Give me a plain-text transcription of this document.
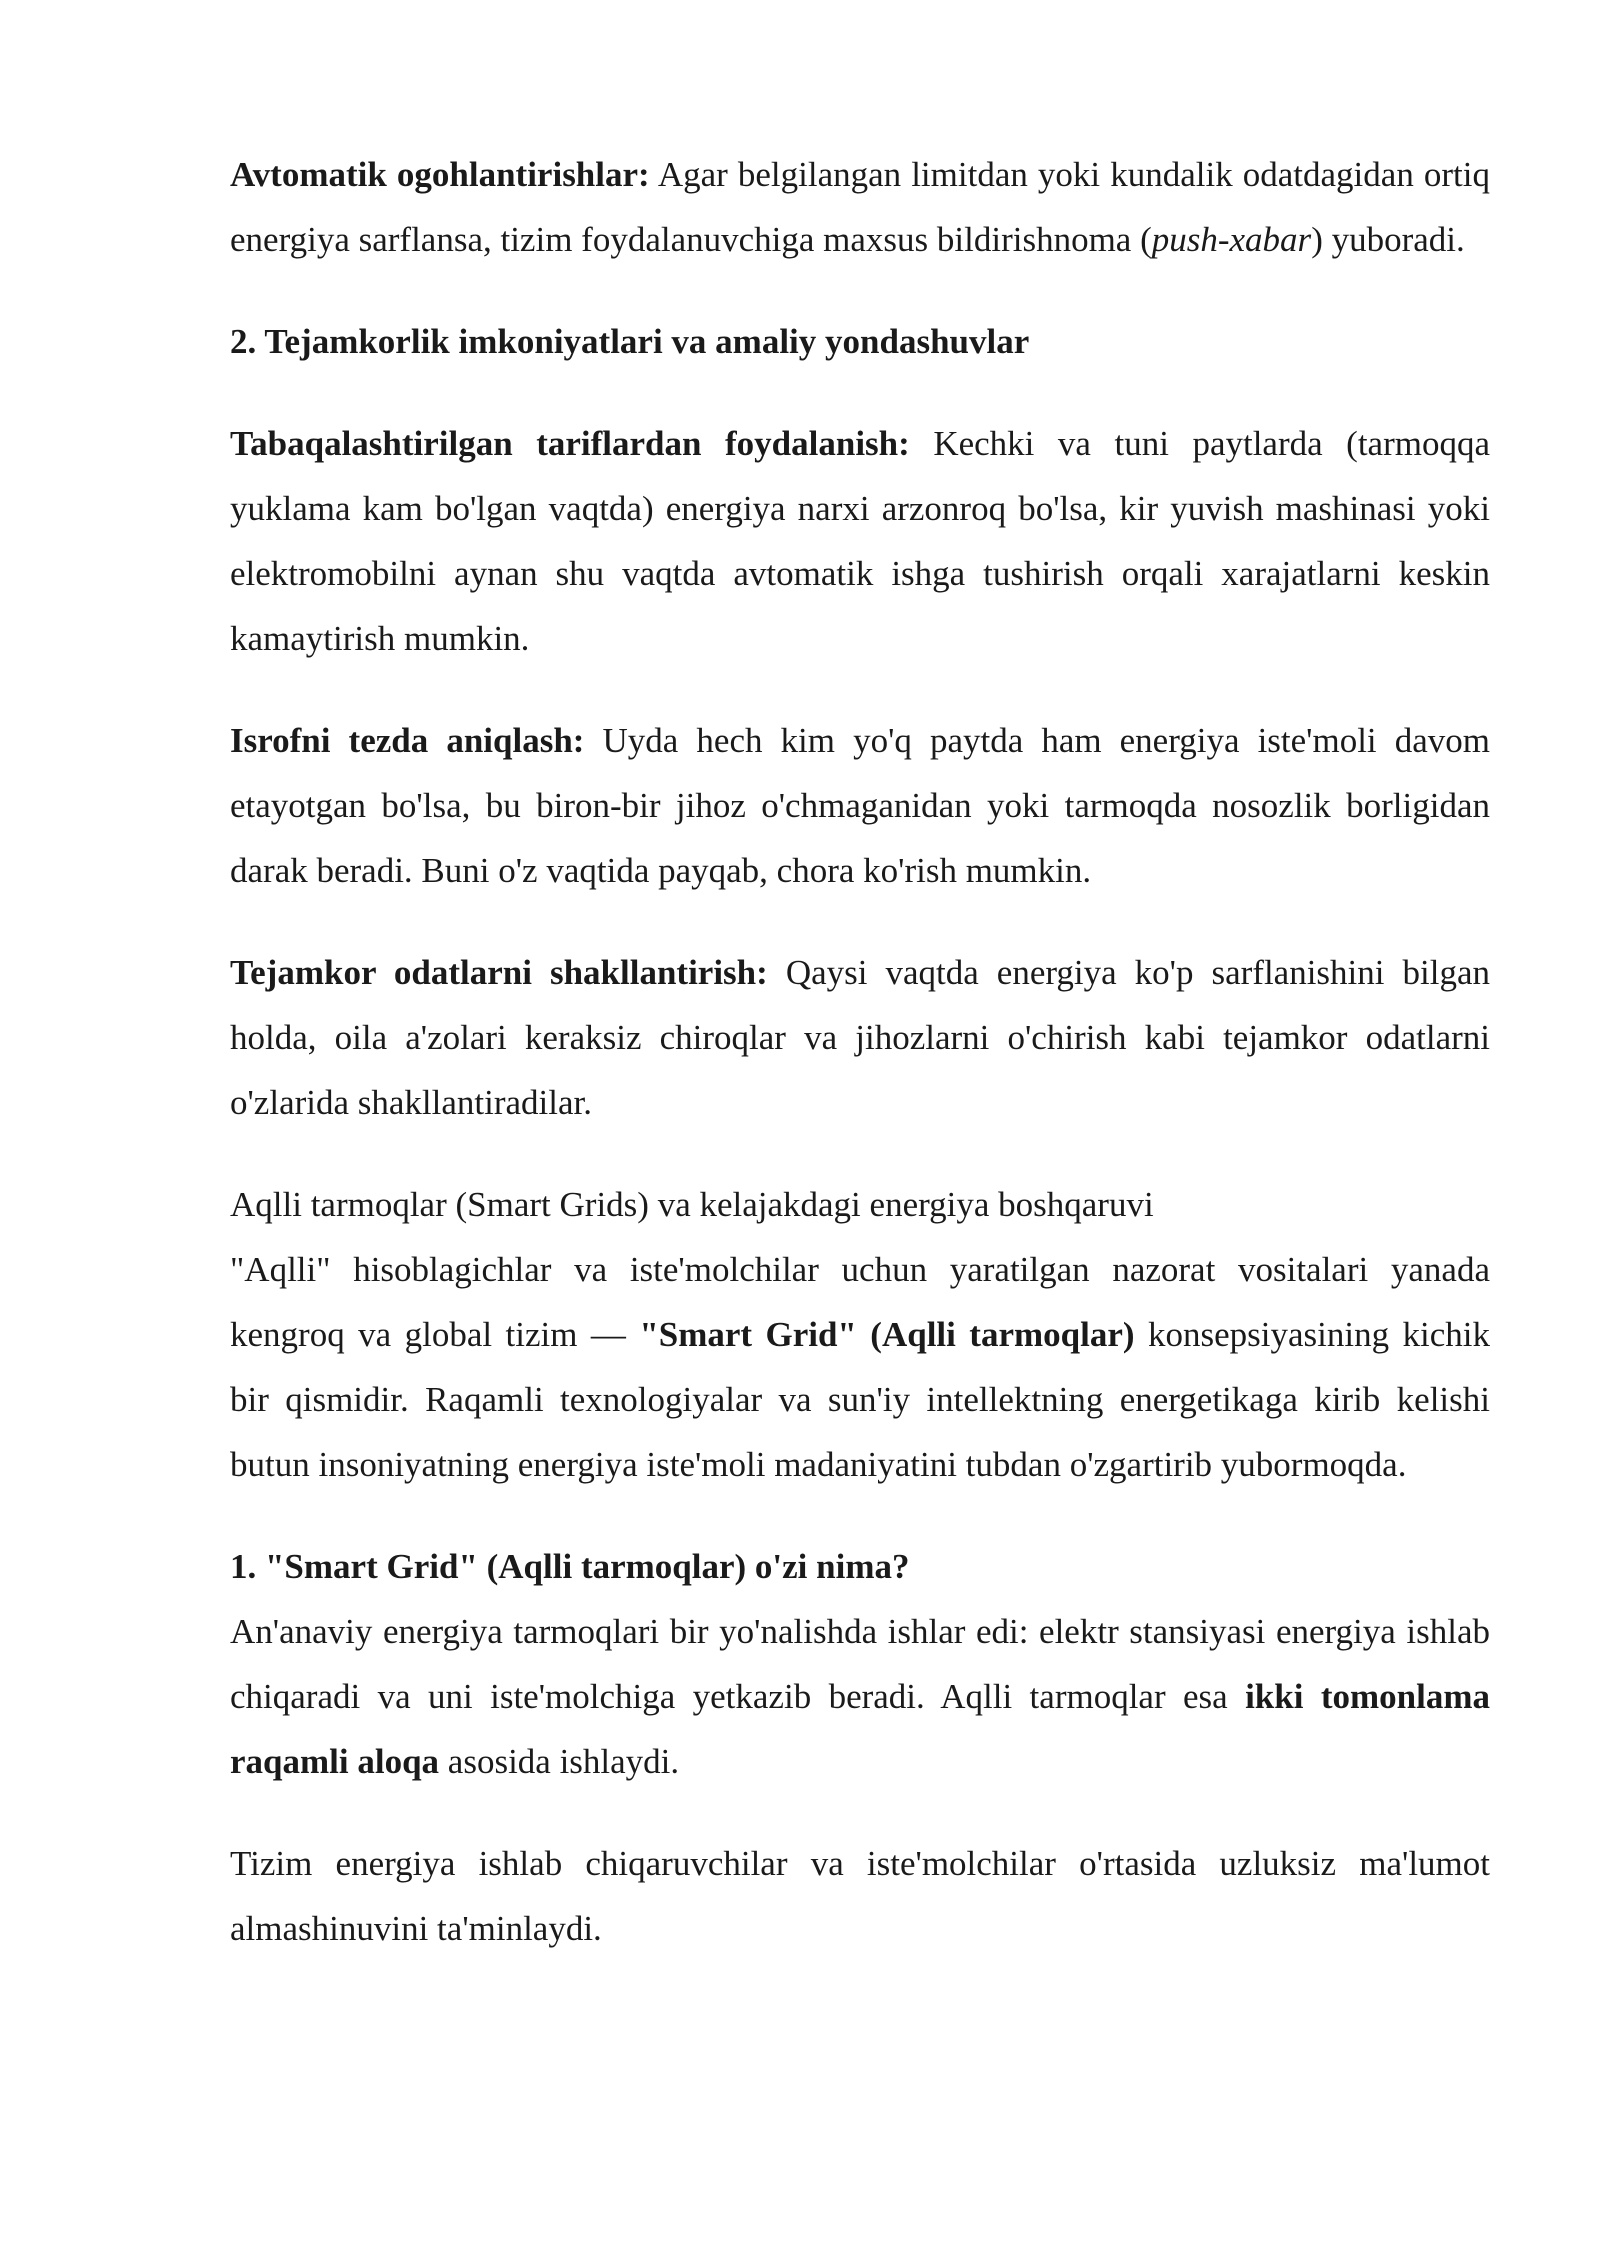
Avtomatik ogohlantirishlar: Agar belgilangan limitdan yoki kundalik odatdagidan ortiq energiya sarflansa, tizim foydalanuvchiga maxsus bildirishnoma (push-xabar) yuboradi.

2. Tejamkorlik imkoniyatlari va amaliy yondashuvlar

Tabaqalashtirilgan tariflardan foydalanish: Kechki va tuni paytlarda (tarmoqqa yuklama kam bo'lgan vaqtda) energiya narxi arzonroq bo'lsa, kir yuvish mashinasi yoki elektromobilni aynan shu vaqtda avtomatik ishga tushirish orqali xarajatlarni keskin kamaytirish mumkin.

Isrofni tezda aniqlash: Uyda hech kim yo'q paytda ham energiya iste'moli davom etayotgan bo'lsa, bu biron-bir jihoz o'chmaganidan yoki tarmoqda nosozlik borligidan darak beradi. Buni o'z vaqtida payqab, chora ko'rish mumkin.

Tejamkor odatlarni shakllantirish: Qaysi vaqtda energiya ko'p sarflanishini bilgan holda, oila a'zolari keraksiz chiroqlar va jihozlarni o'chirish kabi tejamkor odatlarni o'zlarida shakllantiradilar.

Aqlli tarmoqlar (Smart Grids) va kelajakdagi energiya boshqaruvi

"Aqlli" hisoblagichlar va iste'molchilar uchun yaratilgan nazorat vositalari yanada kengroq va global tizim — "Smart Grid" (Aqlli tarmoqlar) konsepsiyasining kichik bir qismidir. Raqamli texnologiyalar va sun'iy intellektning energetikaga kirib kelishi butun insoniyatning energiya iste'moli madaniyatini tubdan o'zgartirib yubormoqda.

1. "Smart Grid" (Aqlli tarmoqlar) o'zi nima?

An'anaviy energiya tarmoqlari bir yo'nalishda ishlar edi: elektr stansiyasi energiya ishlab chiqaradi va uni iste'molchiga yetkazib beradi. Aqlli tarmoqlar esa ikki tomonlama raqamli aloqa asosida ishlaydi.

Tizim energiya ishlab chiqaruvchilar va iste'molchilar o'rtasida uzluksiz ma'lumot almashinuvini ta'minlaydi.
